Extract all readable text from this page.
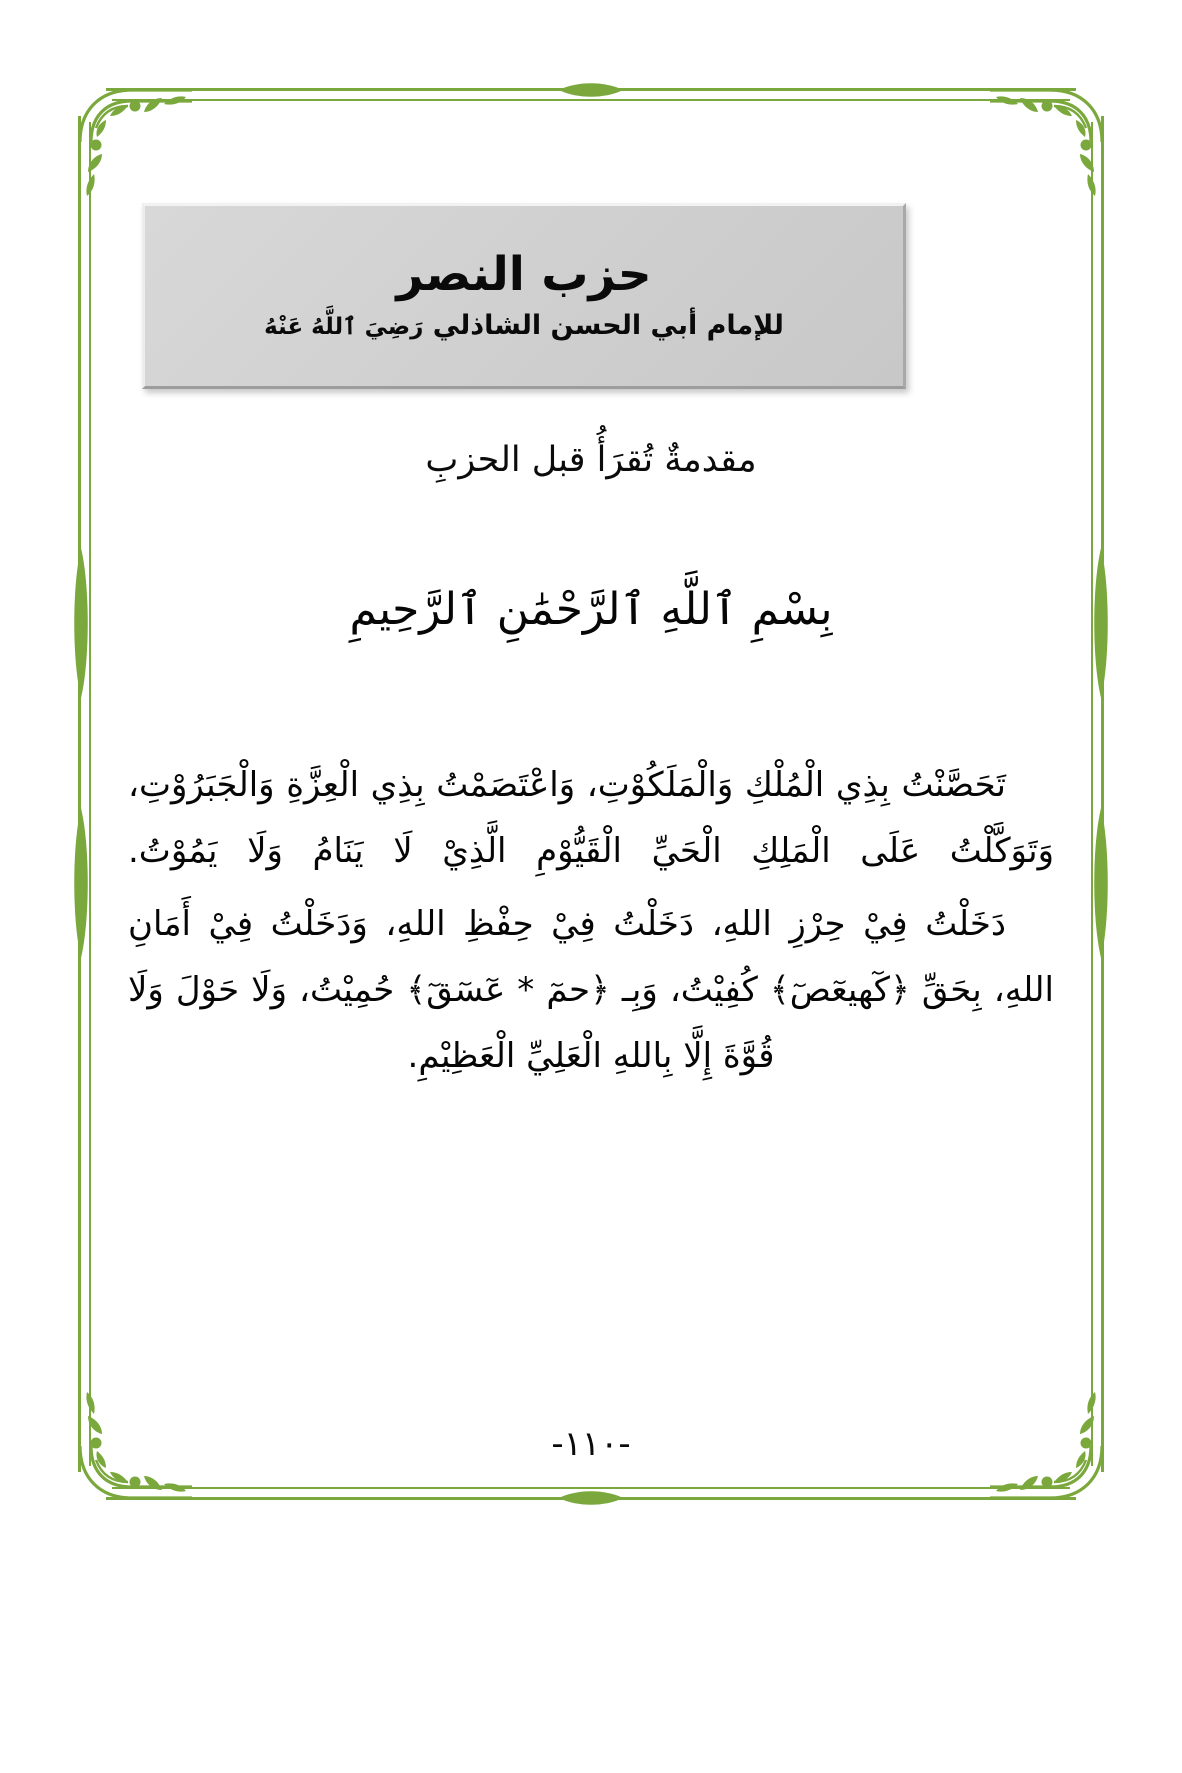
حزب النصر
للإمام أبي الحسن الشاذلي رَضِيَ ٱللَّهُ عَنْهُ
مقدمةٌ تُقرَأُ قبل الحزبِ
بِسْمِ ٱللَّهِ ٱلرَّحْمَٰنِ ٱلرَّحِيمِ

تَحَصَّنْتُ بِذِي الْمُلْكِ وَالْمَلَكُوْتِ، وَاعْتَصَمْتُ بِذِي الْعِزَّةِ وَالْجَبَرُوْتِ، وَتَوَكَّلْتُ عَلَى الْمَلِكِ الْحَيِّ الْقَيُّوْمِ الَّذِيْ لَا يَنَامُ وَلَا يَمُوْتُ.

دَخَلْتُ فِيْ حِرْزِ اللهِ، دَخَلْتُ فِيْ حِفْظِ اللهِ، وَدَخَلْتُ فِيْ أَمَانِ اللهِ، بِحَقِّ ﴿كٓهيعٓصٓ﴾ كُفِيْتُ، وَبِـ ﴿حمٓ * عٓسٓقٓ﴾ حُمِيْتُ، وَلَا حَوْلَ وَلَا قُوَّةَ إِلَّا بِاللهِ الْعَلِيِّ الْعَظِيْمِ.

-١١٠-
